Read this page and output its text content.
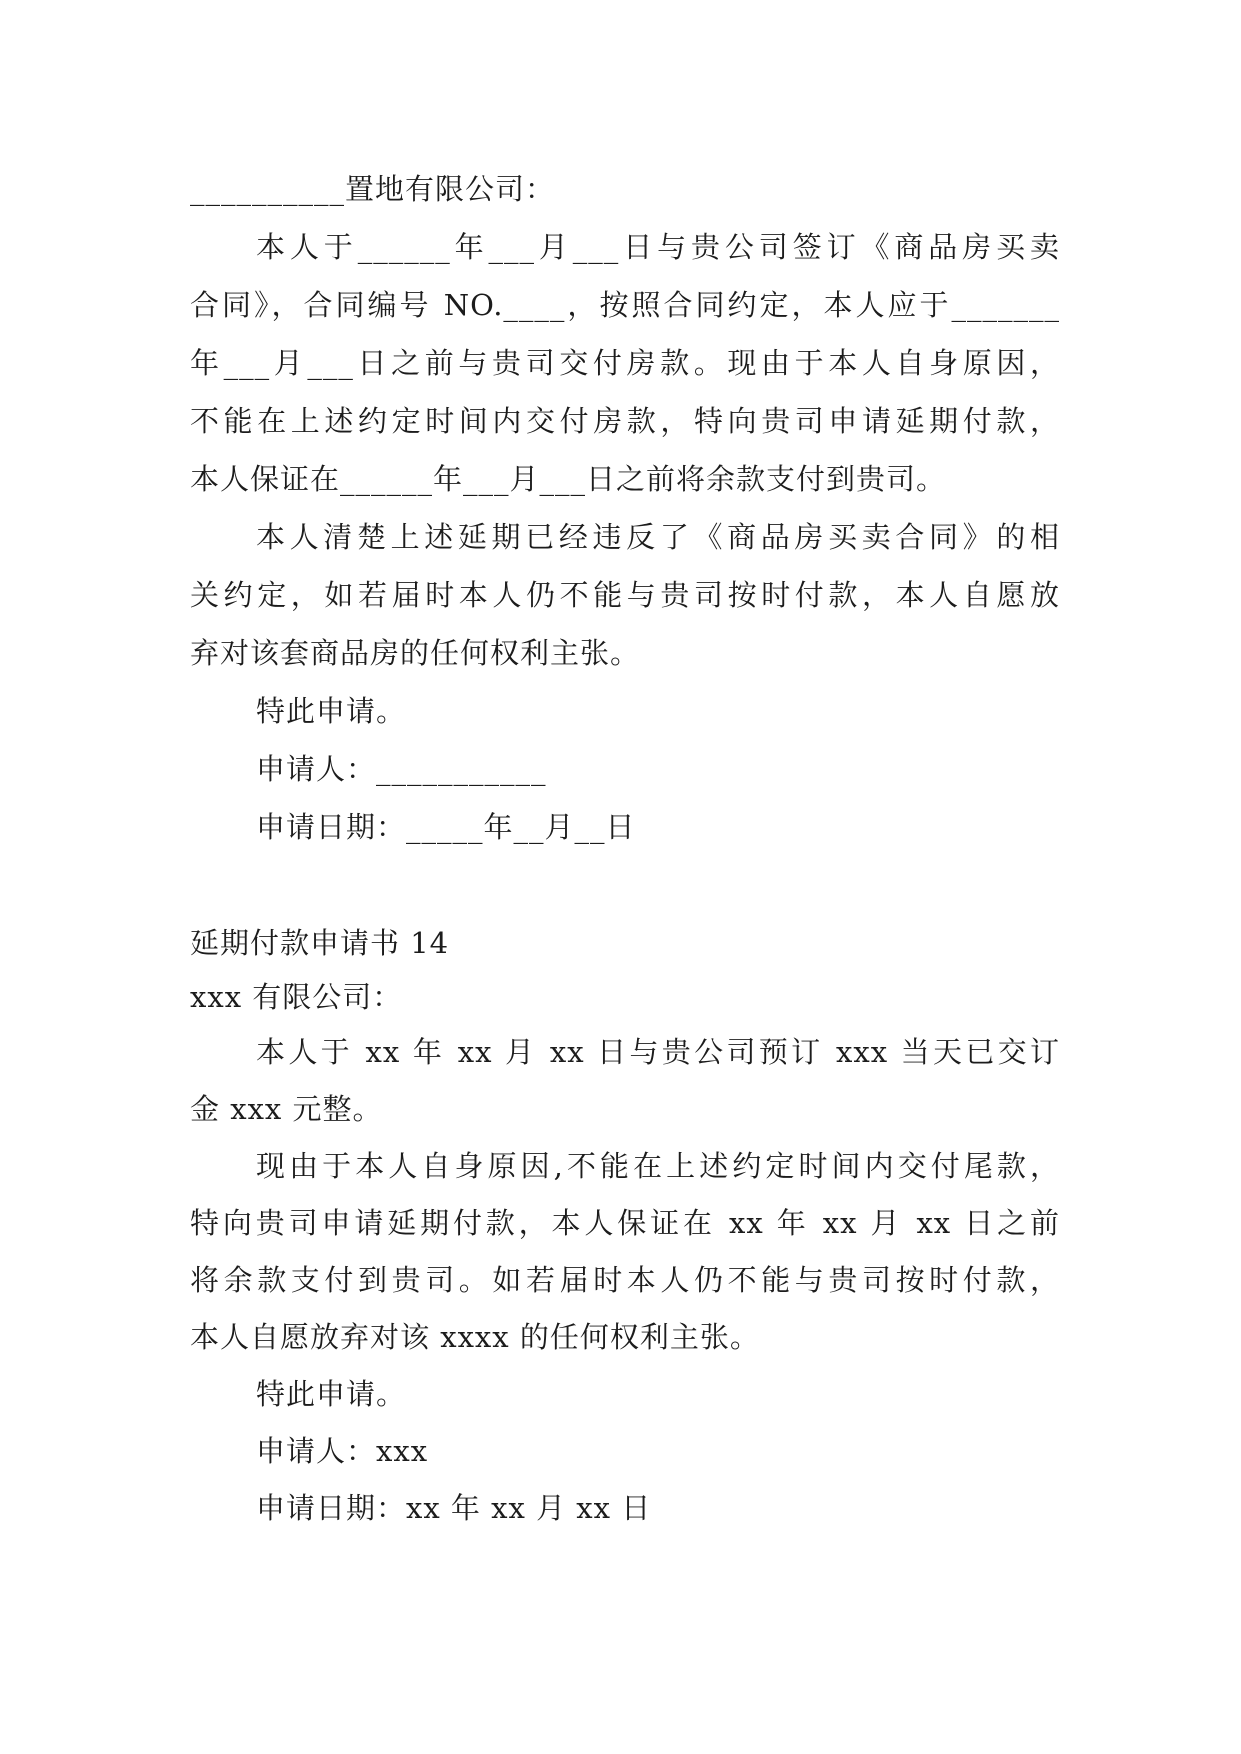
__________置地有限公司：
本人于______年___月___日与贵公司签订《商品房买卖
合同》，合同编号 NO.____，按照合同约定，本人应于_______
年___月___日之前与贵司交付房款。现由于本人自身原因，
不能在上述约定时间内交付房款，特向贵司申请延期付款，
本人保证在______年___月___日之前将余款支付到贵司。
本人清楚上述延期已经违反了《商品房买卖合同》的相
关约定，如若届时本人仍不能与贵司按时付款，本人自愿放
弃对该套商品房的任何权利主张。
特此申请。
申请人：___________
申请日期：_____年__月__日
延期付款申请书 14
xxx 有限公司：
本人于 xx 年 xx 月 xx 日与贵公司预订 xxx 当天已交订
金 xxx 元整。
现由于本人自身原因,不能在上述约定时间内交付尾款，
特向贵司申请延期付款，本人保证在 xx 年 xx 月 xx 日之前
将余款支付到贵司。如若届时本人仍不能与贵司按时付款，
本人自愿放弃对该 xxxx 的任何权利主张。
特此申请。
申请人：xxx
申请日期：xx 年 xx 月 xx 日
